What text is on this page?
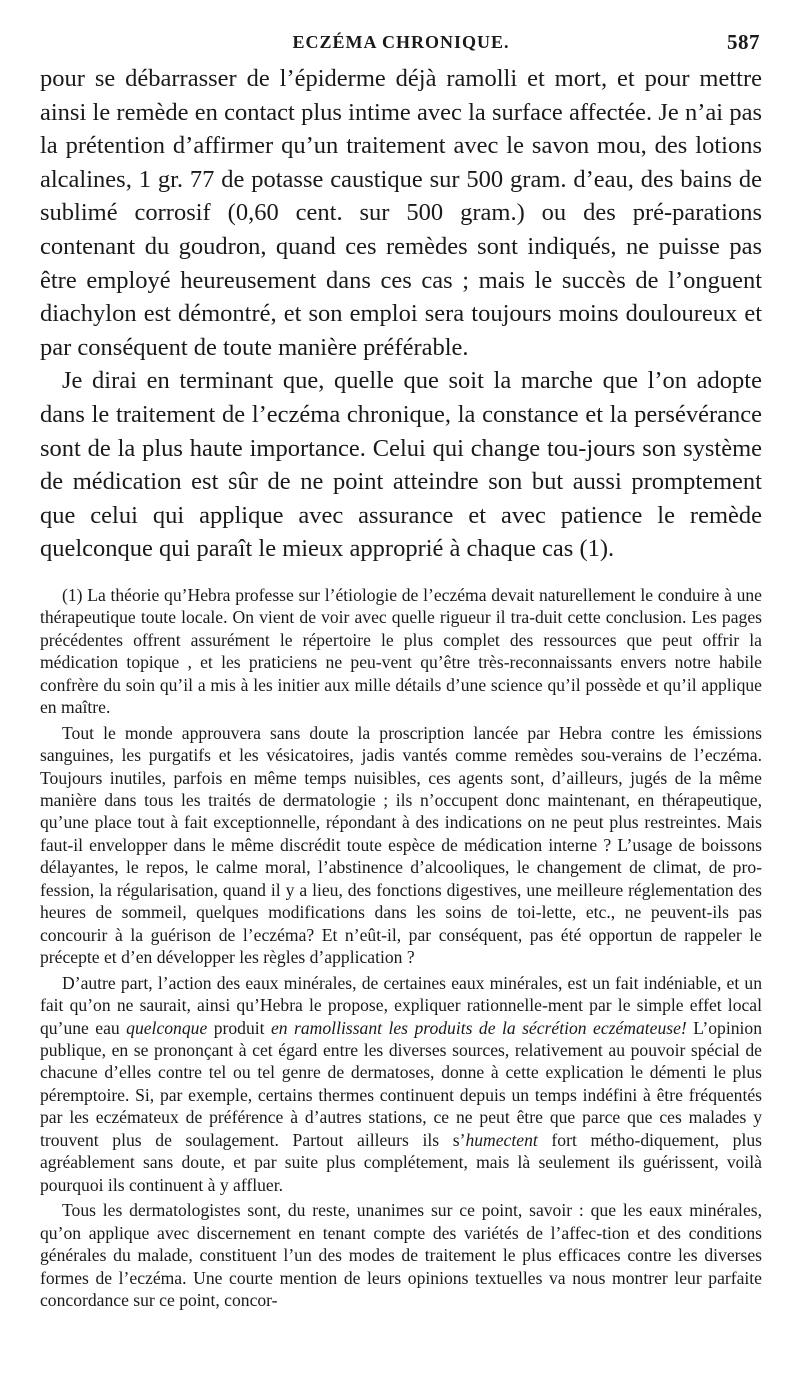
ECZÉMA CHRONIQUE.	587

pour se débarrasser de l’épiderme déjà ramolli et mort, et pour mettre ainsi le remède en contact plus intime avec la surface affectée. Je n’ai pas la prétention d’affirmer qu’un traitement avec le savon mou, des lotions alcalines, 1 gr. 77 de potasse caustique sur 500 gram. d’eau, des bains de sublimé corrosif (0,60 cent. sur 500 gram.) ou des pré-parations contenant du goudron, quand ces remèdes sont indiqués, ne puisse pas être employé heureusement dans ces cas ; mais le succès de l’onguent diachylon est démontré, et son emploi sera toujours moins douloureux et par conséquent de toute manière préférable.

Je dirai en terminant que, quelle que soit la marche que l’on adopte dans le traitement de l’eczéma chronique, la constance et la persévérance sont de la plus haute importance. Celui qui change tou-jours son système de médication est sûr de ne point atteindre son but aussi promptement que celui qui applique avec assurance et avec patience le remède quelconque qui paraît le mieux approprié à chaque cas (1).

(1) La théorie qu’Hebra professe sur l’étiologie de l’eczéma devait naturellement le conduire à une thérapeutique toute locale. On vient de voir avec quelle rigueur il tra-duit cette conclusion. Les pages précédentes offrent assurément le répertoire le plus complet des ressources que peut offrir la médication topique , et les praticiens ne peu-vent qu’être très-reconnaissants envers notre habile confrère du soin qu’il a mis à les initier aux mille détails d’une science qu’il possède et qu’il applique en maître.

Tout le monde approuvera sans doute la proscription lancée par Hebra contre les émissions sanguines, les purgatifs et les vésicatoires, jadis vantés comme remèdes sou-verains de l’eczéma. Toujours inutiles, parfois en même temps nuisibles, ces agents sont, d’ailleurs, jugés de la même manière dans tous les traités de dermatologie ; ils n’occupent donc maintenant, en thérapeutique, qu’une place tout à fait exceptionnelle, répondant à des indications on ne peut plus restreintes. Mais faut-il envelopper dans le même discrédit toute espèce de médication interne ? L’usage de boissons délayantes, le repos, le calme moral, l’abstinence d’alcooliques, le changement de climat, de pro-fession, la régularisation, quand il y a lieu, des fonctions digestives, une meilleure réglementation des heures de sommeil, quelques modifications dans les soins de toi-lette, etc., ne peuvent-ils pas concourir à la guérison de l’eczéma? Et n’eût-il, par conséquent, pas été opportun de rappeler le précepte et d’en développer les règles d’application ?

D’autre part, l’action des eaux minérales, de certaines eaux minérales, est un fait indéniable, et un fait qu’on ne saurait, ainsi qu’Hebra le propose, expliquer rationnelle-ment par le simple effet local qu’une eau quelconque produit en ramollissant les produits de la sécrétion eczémateuse! L’opinion publique, en se prononçant à cet égard entre les diverses sources, relativement au pouvoir spécial de chacune d’elles contre tel ou tel genre de dermatoses, donne à cette explication le démenti le plus péremptoire. Si, par exemple, certains thermes continuent depuis un temps indéfini à être fréquentés par les eczémateux de préférence à d’autres stations, ce ne peut être que parce que ces malades y trouvent plus de soulagement. Partout ailleurs ils s’humectent fort métho-diquement, plus agréablement sans doute, et par suite plus complétement, mais là seulement ils guérissent, voilà pourquoi ils continuent à y affluer.

Tous les dermatologistes sont, du reste, unanimes sur ce point, savoir : que les eaux minérales, qu’on applique avec discernement en tenant compte des variétés de l’affec-tion et des conditions générales du malade, constituent l’un des modes de traitement le plus efficaces contre les diverses formes de l’eczéma. Une courte mention de leurs opinions textuelles va nous montrer leur parfaite concordance sur ce point, concor-
